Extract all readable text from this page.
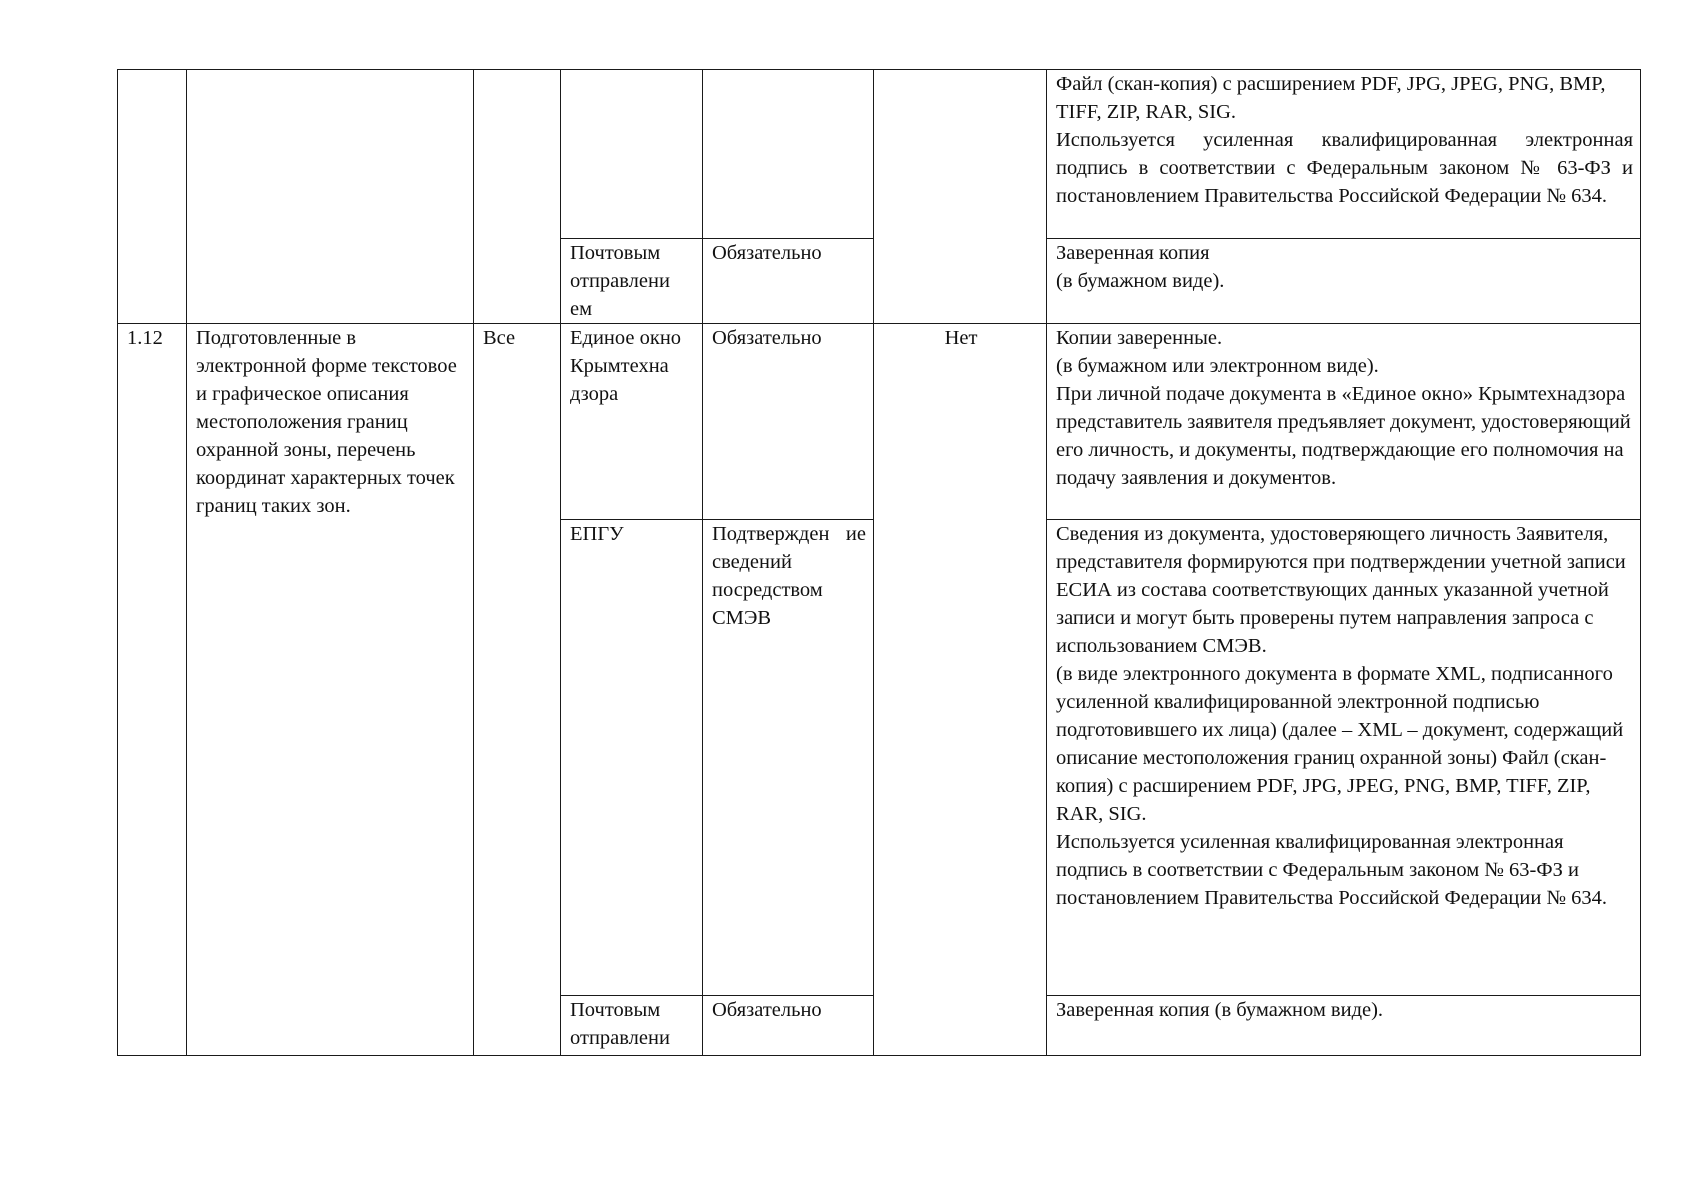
						Файл (скан-копия) с расширением PDF, JPG, JPEG, PNG, BMP, TIFF, ZIP, RAR, SIG.
Используется усиленная квалифицированная электронная подпись в соответствии с Федеральным законом № 63-ФЗ и постановлением Правительства Российской Федерации № 634.

			Почтовым отправлени ем	Обязательно		Заверенная копия
(в бумажном виде).

1.12	Подготовленные в электронной форме текстовое и графическое описания местоположения границ охранной зоны, перечень координат характерных точек границ таких зон.	Все	Единое окно Крымтехна дзора	Обязательно	Нет	Копии заверенные.
(в бумажном или электронном виде).
При личной подаче документа в «Единое окно» Крымтехнадзора представитель заявителя предъявляет документ, удостоверяющий его личность, и документы, подтверждающие его полномочия на подачу заявления и документов.

			ЕПГУ	Подтвержден ие сведений посредством СМЭВ		Сведения из документа, удостоверяющего личность Заявителя, представителя формируются при подтверждении учетной записи ЕСИА из состава соответствующих данных указанной учетной записи и могут быть проверены путем направления запроса с использованием СМЭВ.
(в виде электронного документа в формате XML, подписанного усиленной квалифицированной электронной подписью подготовившего их лица) (далее – XML – документ, содержащий описание местоположения границ охранной зоны) Файл (скан-копия) с расширением PDF, JPG, JPEG, PNG, BMP, TIFF, ZIP, RAR, SIG.
Используется усиленная квалифицированная электронная подпись в соответствии с Федеральным законом № 63-ФЗ и постановлением Правительства Российской Федерации № 634.

			Почтовым отправлени	Обязательно		Заверенная копия (в бумажном виде).
